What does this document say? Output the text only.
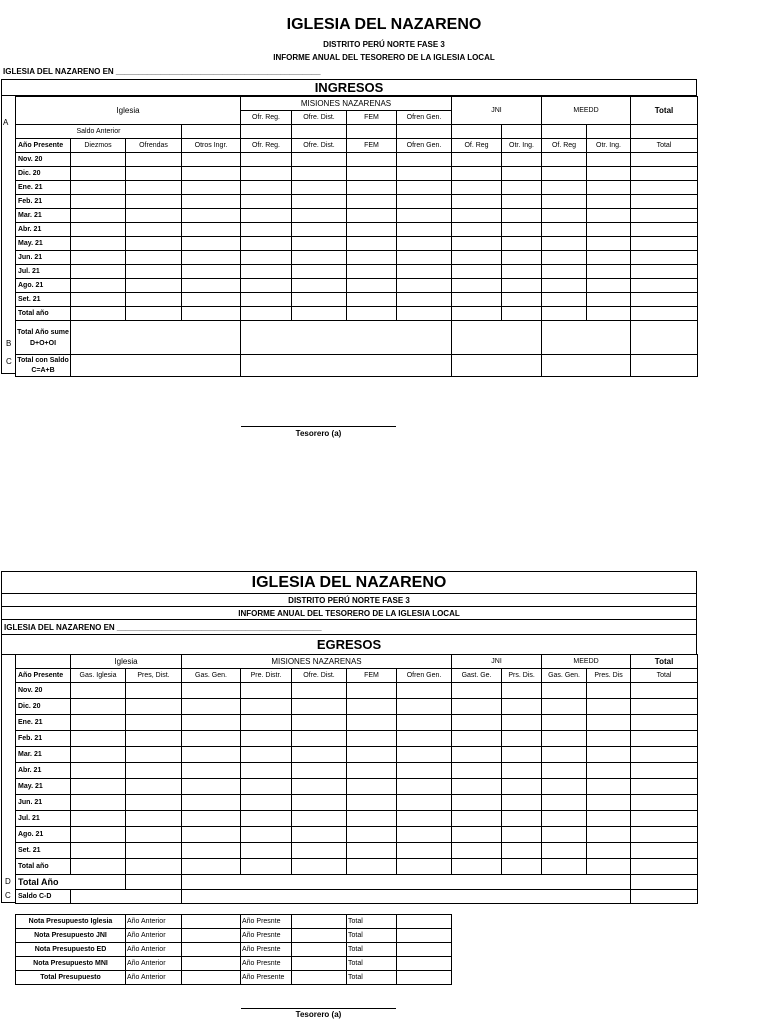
IGLESIA DEL NAZARENO
DISTRITO PERÚ NORTE FASE 3
INFORME ANUAL DEL TESORERO DE LA IGLESIA LOCAL
IGLESIA DEL NAZARENO EN ______________________________________________
INGRESOS
A
B
C
Iglesia				MISIONES NAZARENAS				JNI		MEEDD		Total
				Ofr. Reg.	Ofre. Dist.	FEM	Ofren Gen.					
Saldo Anterior												
Año Presente	Diezmos	Ofrendas	Otros Ingr.	Ofr. Reg.	Ofre. Dist.	FEM	Ofren Gen.	Of. Reg	Otr. Ing.	Of. Reg	Otr. Ing.	Total
Nov. 20												
Dic. 20												
Ene. 21												
Feb. 21												
Mar. 21												
Abr. 21												
May. 21												
Jun. 21												
Jul. 21												
Ago. 21												
Set. 21												
Total año												
Total Año sume D+O+OI												
Total con Saldo C=A+B												
Tesorero (a)
IGLESIA DEL NAZARENO
DISTRITO PERÚ NORTE FASE 3
INFORME ANUAL DEL TESORERO DE LA IGLESIA LOCAL
IGLESIA DEL NAZARENO EN ______________________________________________
EGRESOS
D
C
	Iglesia		MISIONES NAZARENAS					JNI		MEEDD		Total
Año Presente	Gas. Iglesia	Pres, Dist.	Gas. Gen.	Pre. Distr.	Ofre. Dist.	FEM	Ofren Gen.	Gast. Ge.	Prs. Dis.	Gas. Gen.	Pres. Dis	Total
Nov. 20												
Dic. 20												
Ene. 21												
Feb. 21												
Mar. 21												
Abr. 21												
May. 21												
Jun. 21												
Jul. 21												
Ago. 21												
Set. 21												
Total año												
Total Año												
Saldo C-D												
Nota Presupuesto Iglesia	Año Anterior		Año Presnte		Total	
Nota Presupuesto JNI	Año Anterior		Año Presnte		Total	
Nota Presupuesto ED	Año Anterior		Año Presnte		Total	
Nota Presupuesto MNI	Año Anterior		Año Presnte		Total	
Total Presupuesto	Año Anterior		Año Presente		Total	
Tesorero (a)
